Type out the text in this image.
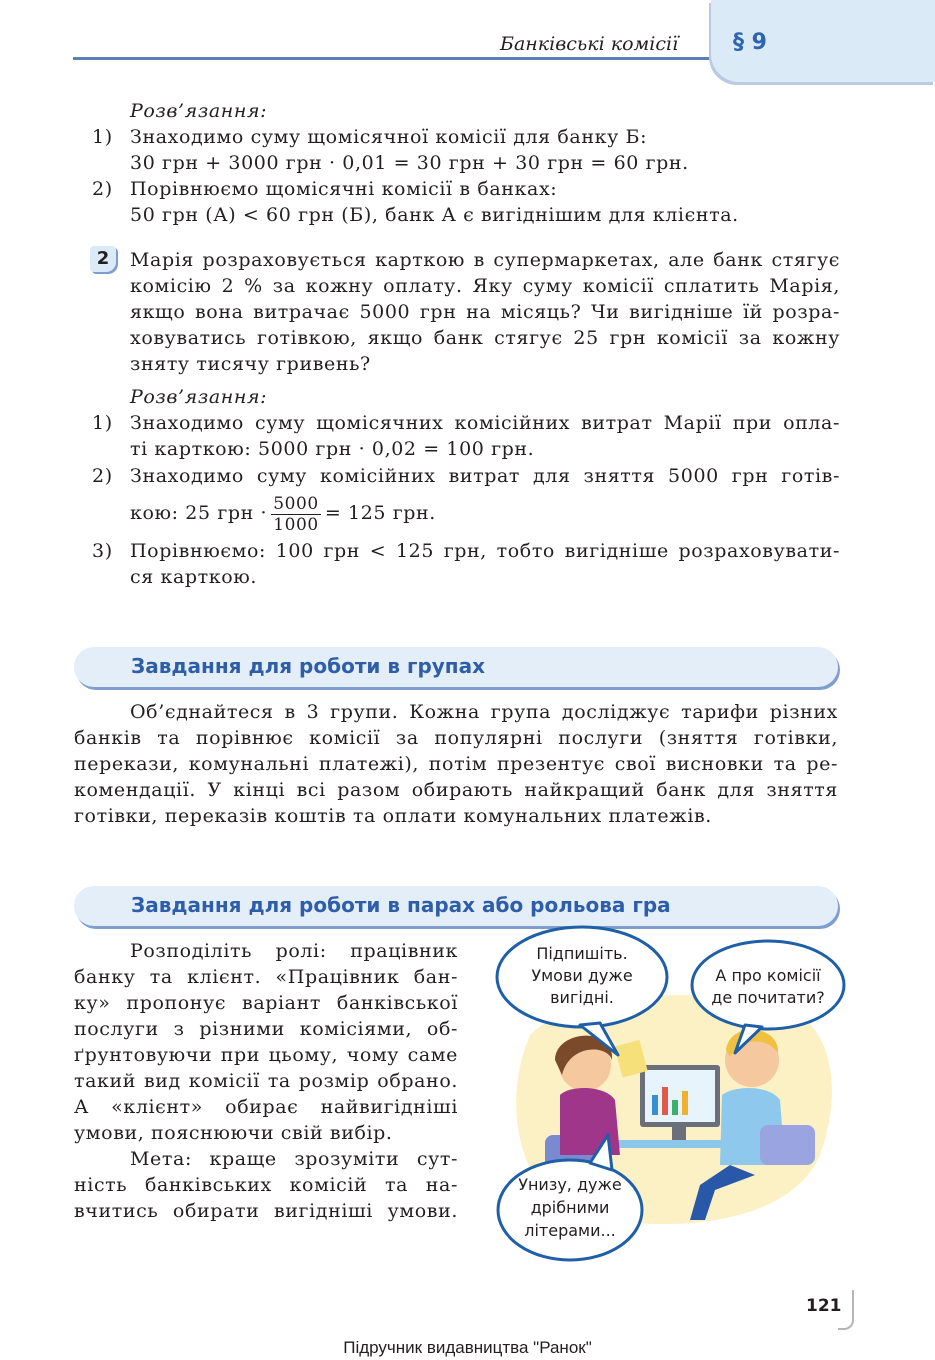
Банківські комісії § 9
Розв’язання:
1) Знаходимо суму щомісячної комісії для банку Б:
30 грн + 3000 грн · 0,01 = 30 грн + 30 грн = 60 грн.
2) Порівнюємо щомісячні комісії в банках:
50 грн (А) < 60 грн (Б), банк А є вигіднішим для клієнта.
2	Марія розраховується карткою в супермаркетах, але банк стягує
комісію 2 % за кожну оплату. Яку суму комісії сплатить Марія,
якщо вона витрачає 5000 грн на місяць? Чи вигідніше їй розра-
ховуватись готівкою, якщо банк стягує 25 грн комісії за кожну
зняту тисячу гривень?
Розв’язання:
1) Знаходимо суму щомісячних комісійних витрат Марії при опла-
ті карткою: 5000 грн · 0,02 = 100 грн.
2) Знаходимо суму комісійних витрат для зняття 5000 грн готів-
кою: 25 грн · $\frac{5000}{1000} = 125$ грн.
3) Порівнюємо: 100 грн < 125 грн, тобто вигідніше розраховувати-
ся карткою.
Завдання для роботи в групах
Об’єднайтеся в 3 групи. Кожна група досліджує тарифи різних
банків та порівнює комісії за популярні послуги (зняття готівки,
перекази, комунальні платежі), потім презентує свої висновки та ре-
комендації. У кінці всі разом обирають найкращий банк для зняття
готівки, переказів коштів та оплати комунальних платежів.
Завдання для роботи в парах або рольова гра
Розподіліть ролі: працівник
банку та клієнт. «Працівник бан-
ку» пропонує варіант банківської
послуги з різними комісіями, об-
ґрунтовуючи при цьому, чому саме
такий вид комісії та розмір обрано.
А «клієнт» обирає найвигідніші
умови, пояснюючи свій вибір.
Мета: краще зрозуміти сут-
ність банківських комісій та на-
вчитись обирати вигідніші умови.
Підпишіть.
Умови дуже
вигідні.
А про комісії
де почитати?
Унизу, дуже
дрібними
літерами...
121
Підручник видавництва "Ранок"
